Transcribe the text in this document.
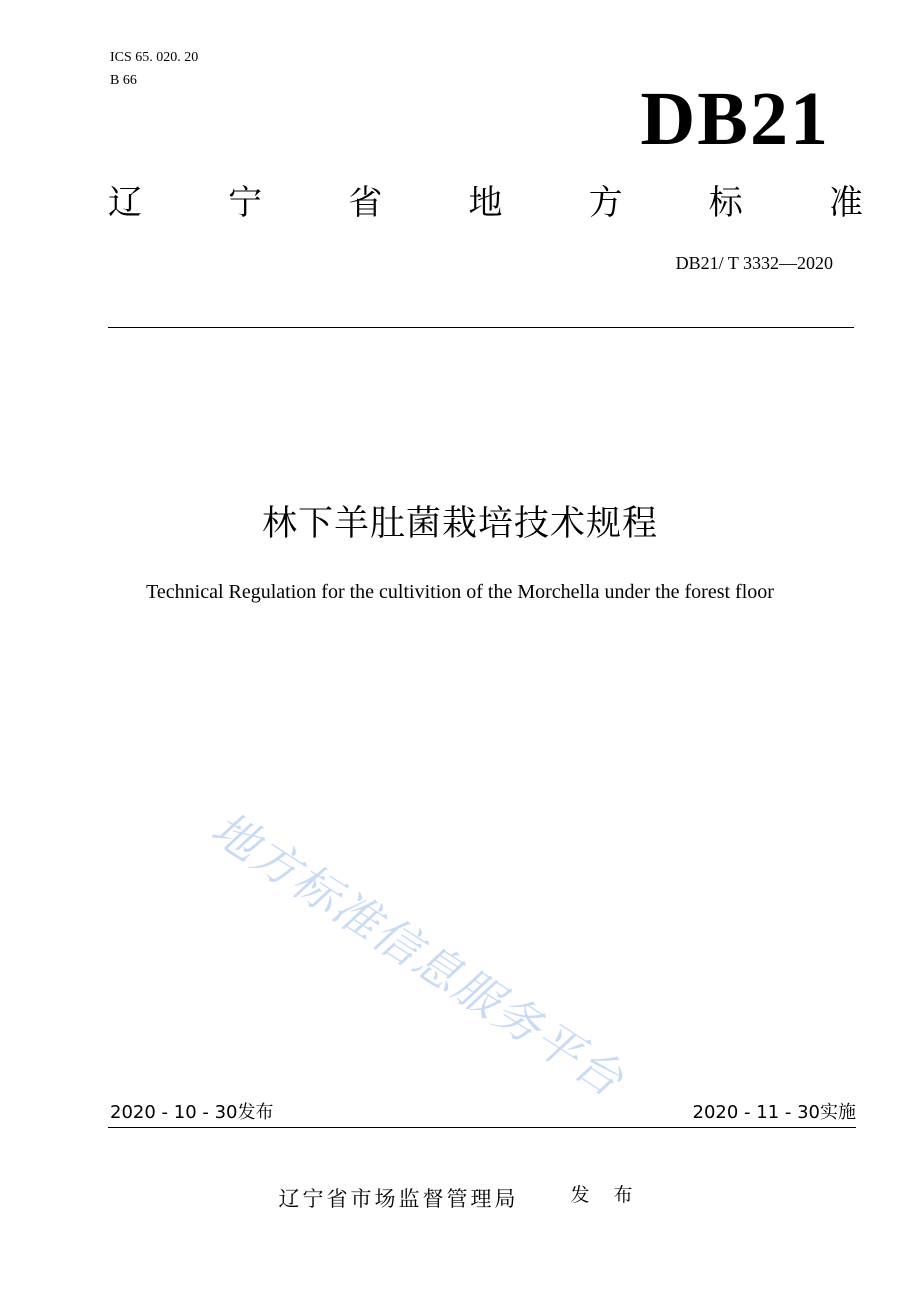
ICS 65. 020. 20
B 66	DB21
辽	宁	省	地	方	标	准
DB21/ T 3332—2020
林下羊肚菌栽培技术规程
Technical Regulation for the cultivition of the Morchella under the forest floor
地方标准信息服务平台
2020 - 10 - 30发布	2020 - 11 - 30实施
辽宁省市场监督管理局	发 布
